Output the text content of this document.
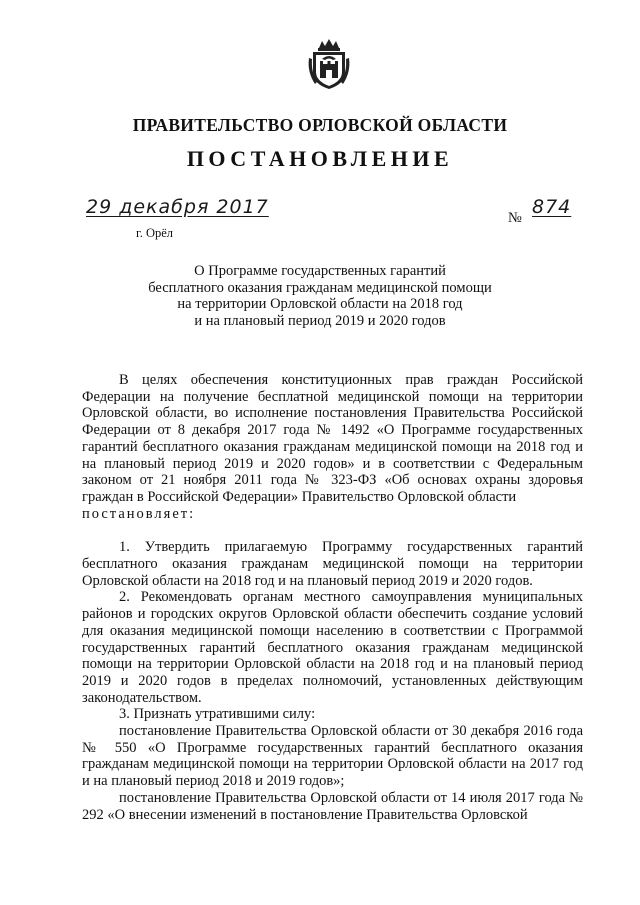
ПРАВИТЕЛЬСТВО ОРЛОВСКОЙ ОБЛАСТИ
ПОСТАНОВЛЕНИЕ
29 декабря 2017
г. Орёл
№ 874
О Программе государственных гарантий
бесплатного оказания гражданам медицинской помощи
на территории Орловской области на 2018 год
и на плановый период 2019 и 2020 годов

В целях обеспечения конституционных прав граждан Российской Федерации на получение бесплатной медицинской помощи на территории Орловской области, во исполнение постановления Правительства Российской Федерации от 8 декабря 2017 года № 1492 «О Программе государственных гарантий бесплатного оказания гражданам медицинской помощи на 2018 год и на плановый период 2019 и 2020 годов» и в соответствии с Федеральным законом от 21 ноября 2011 года № 323-ФЗ «Об основах охраны здоровья граждан в Российской Федерации» Правительство Орловской области

постановляет:

1. Утвердить прилагаемую Программу государственных гарантий бесплатного оказания гражданам медицинской помощи на территории Орловской области на 2018 год и на плановый период 2019 и 2020 годов.

2. Рекомендовать органам местного самоуправления муниципальных районов и городских округов Орловской области обеспечить создание условий для оказания медицинской помощи населению в соответствии с Программой государственных гарантий бесплатного оказания гражданам медицинской помощи на территории Орловской области на 2018 год и на плановый период 2019 и 2020 годов в пределах полномочий, установленных действующим законодательством.

3. Признать утратившими силу:

постановление Правительства Орловской области от 30 декабря 2016 года № 550 «О Программе государственных гарантий бесплатного оказания гражданам медицинской помощи на территории Орловской области на 2017 год и на плановый период 2018 и 2019 годов»;

постановление Правительства Орловской области от 14 июля 2017 года № 292 «О внесении изменений в постановление Правительства Орловской
